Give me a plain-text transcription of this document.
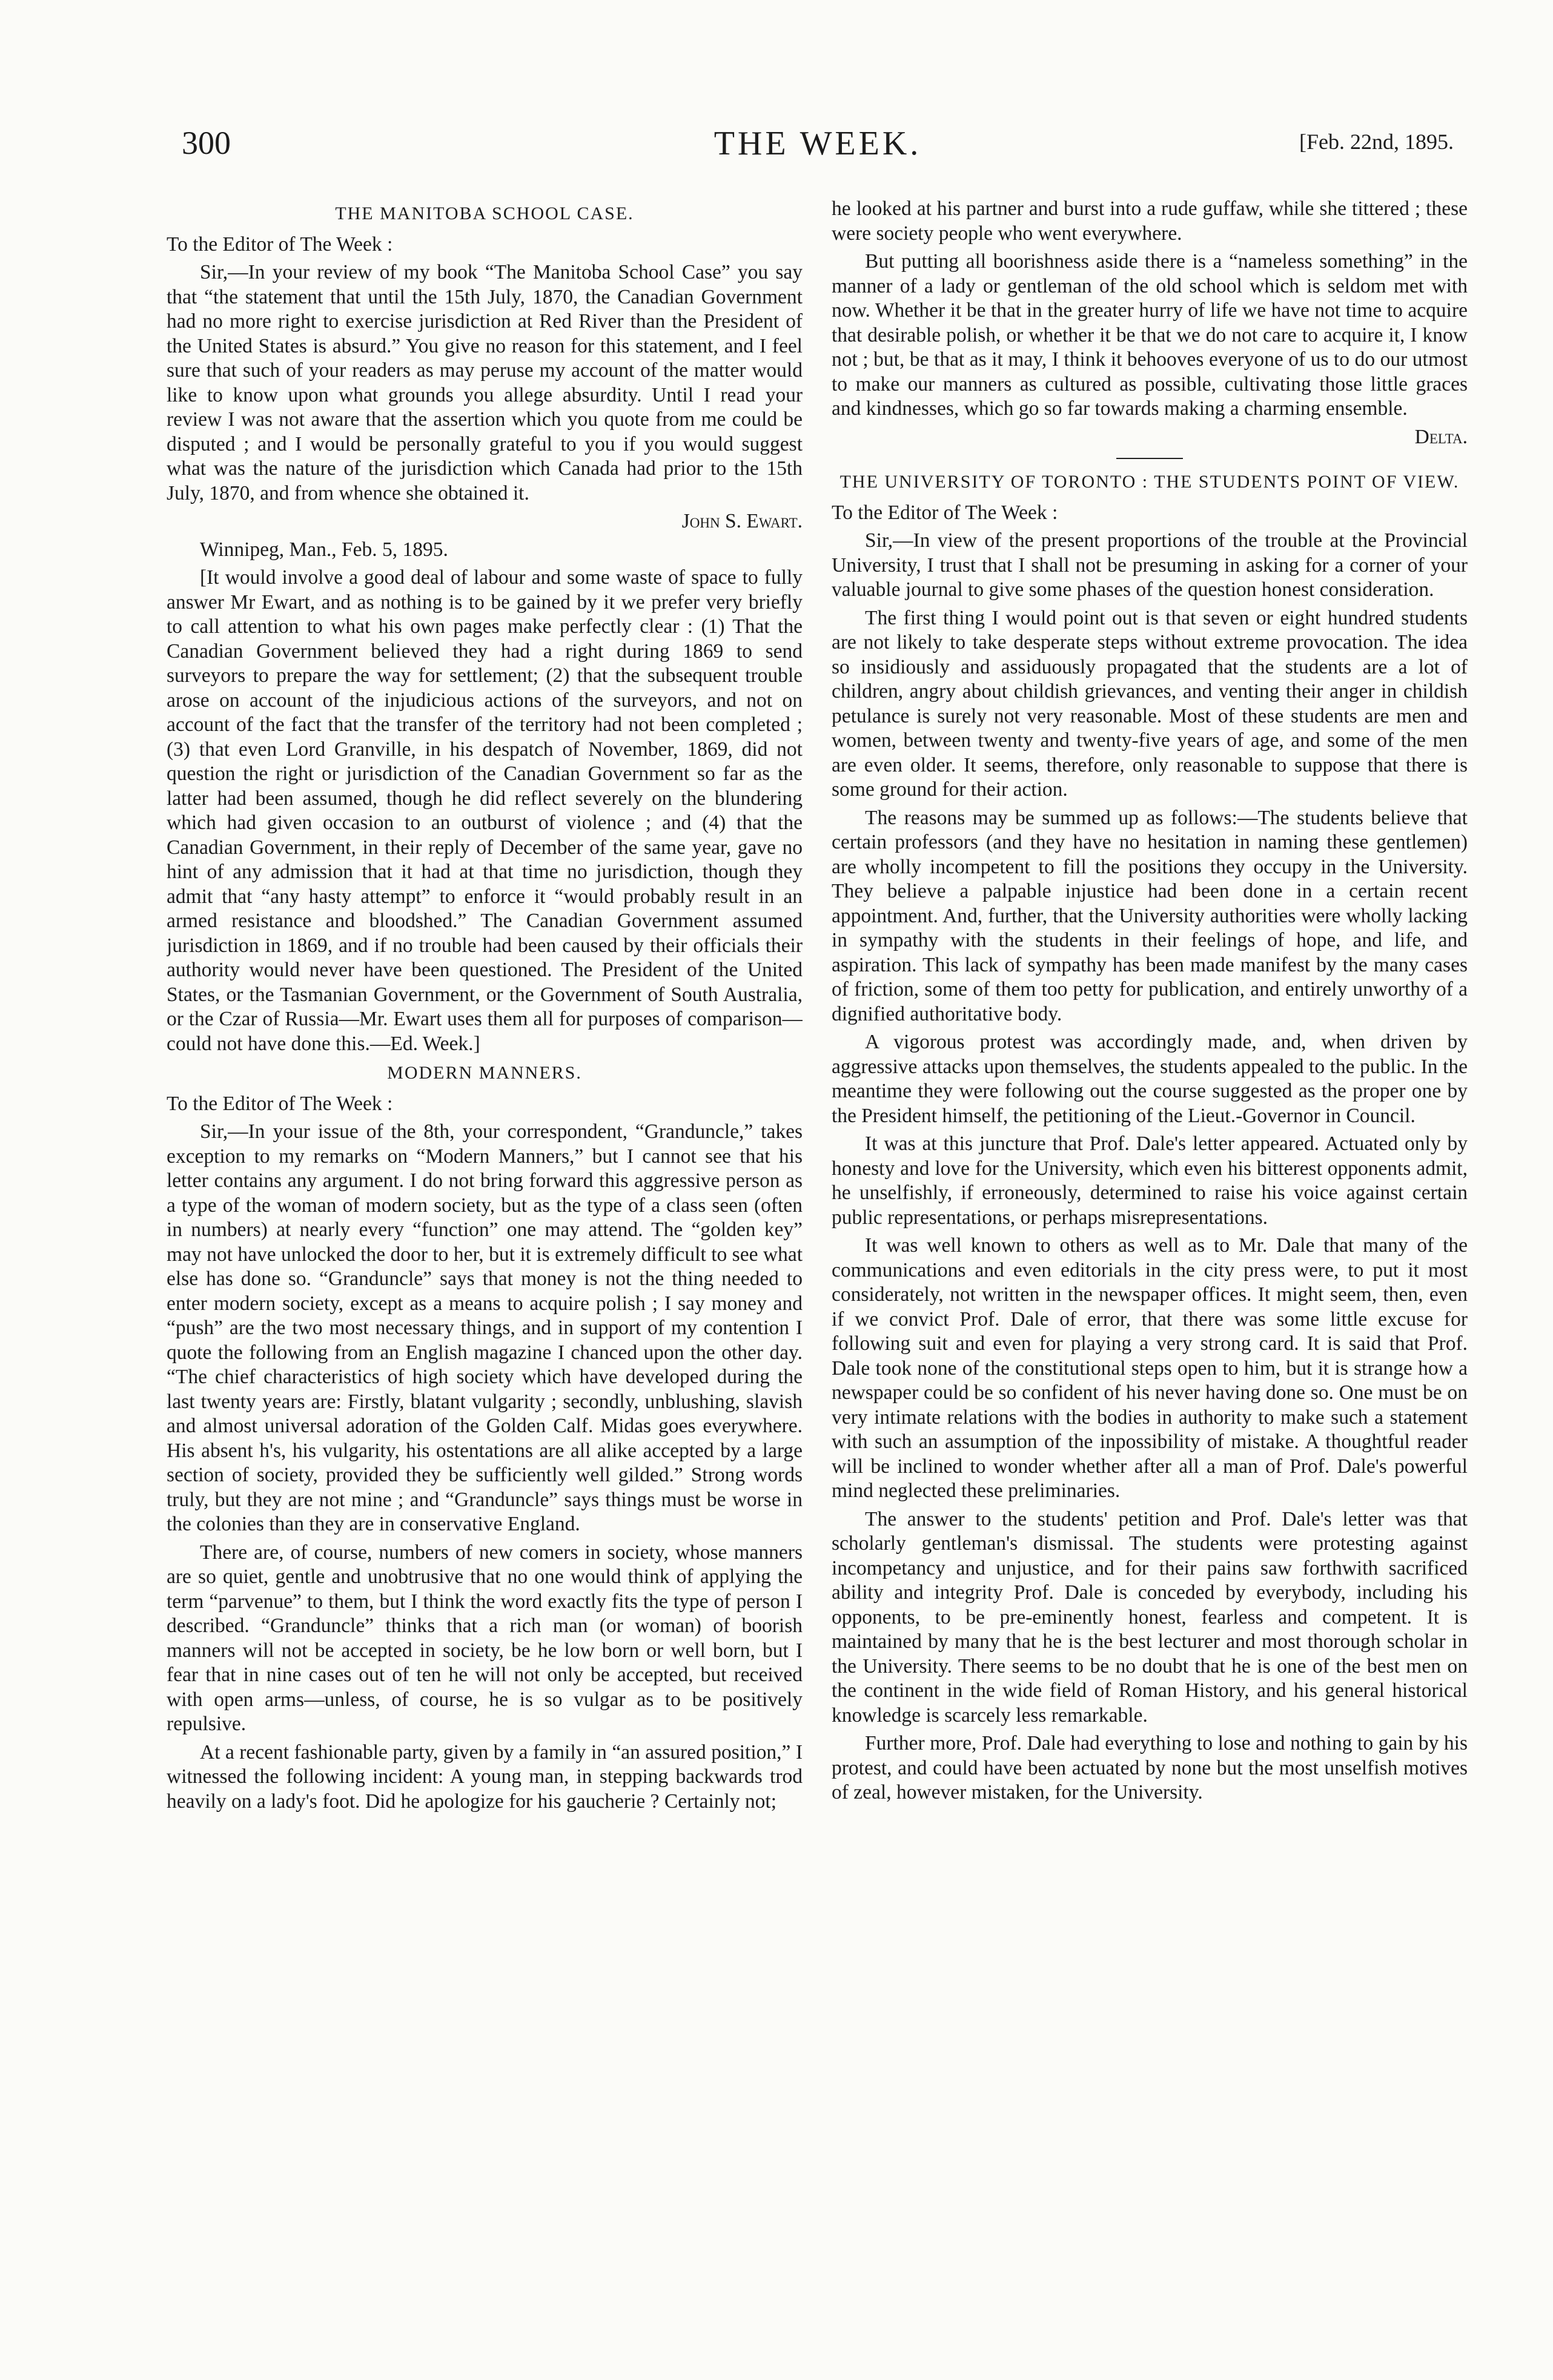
300	THE WEEK.	[Feb. 22nd, 1895.
THE MANITOBA SCHOOL CASE.

To the Editor of The Week :

Sir,—In your review of my book “The Manitoba School Case” you say that “the statement that until the 15th July, 1870, the Canadian Government had no more right to exercise jurisdiction at Red River than the President of the United States is absurd.” You give no reason for this statement, and I feel sure that such of your readers as may peruse my account of the matter would like to know upon what grounds you allege absurdity. Until I read your review I was not aware that the assertion which you quote from me could be disputed ; and I would be personally grateful to you if you would suggest what was the nature of the jurisdiction which Canada had prior to the 15th July, 1870, and from whence she obtained it.

John S. Ewart.

Winnipeg, Man., Feb. 5, 1895.

[It would involve a good deal of labour and some waste of space to fully answer Mr Ewart, and as nothing is to be gained by it we prefer very briefly to call attention to what his own pages make perfectly clear : (1) That the Canadian Government believed they had a right during 1869 to send surveyors to prepare the way for settlement; (2) that the subsequent trouble arose on account of the injudicious actions of the surveyors, and not on account of the fact that the transfer of the territory had not been completed ; (3) that even Lord Granville, in his despatch of November, 1869, did not question the right or jurisdiction of the Canadian Government so far as the latter had been assumed, though he did reflect severely on the blundering which had given occasion to an outburst of violence ; and (4) that the Canadian Government, in their reply of December of the same year, gave no hint of any admission that it had at that time no jurisdiction, though they admit that “any hasty attempt” to enforce it “would probably result in an armed resistance and bloodshed.” The Canadian Government assumed jurisdiction in 1869, and if no trouble had been caused by their officials their authority would never have been questioned. The President of the United States, or the Tasmanian Government, or the Government of South Australia, or the Czar of Russia—Mr. Ewart uses them all for purposes of comparison—could not have done this.—Ed. Week.]

MODERN MANNERS.

To the Editor of The Week :

Sir,—In your issue of the 8th, your correspondent, “Granduncle,” takes exception to my remarks on “Modern Manners,” but I cannot see that his letter contains any argument. I do not bring forward this aggressive person as a type of the woman of modern society, but as the type of a class seen (often in numbers) at nearly every “function” one may attend. The “golden key” may not have unlocked the door to her, but it is extremely difficult to see what else has done so. “Granduncle” says that money is not the thing needed to enter modern society, except as a means to acquire polish ; I say money and “push” are the two most necessary things, and in support of my contention I quote the following from an English magazine I chanced upon the other day. “The chief characteristics of high society which have developed during the last twenty years are: Firstly, blatant vulgarity ; secondly, unblushing, slavish and almost universal adoration of the Golden Calf. Midas goes everywhere. His absent h's, his vulgarity, his ostentations are all alike accepted by a large section of society, provided they be sufficiently well gilded.” Strong words truly, but they are not mine ; and “Granduncle” says things must be worse in the colonies than they are in conservative England.

There are, of course, numbers of new comers in society, whose manners are so quiet, gentle and unobtrusive that no one would think of applying the term “parvenue” to them, but I think the word exactly fits the type of person I described. “Granduncle” thinks that a rich man (or woman) of boorish manners will not be accepted in society, be he low born or well born, but I fear that in nine cases out of ten he will not only be accepted, but received with open arms—unless, of course, he is so vulgar as to be positively repulsive.

At a recent fashionable party, given by a family in “an assured position,” I witnessed the following incident: A young man, in stepping backwards trod heavily on a lady's foot. Did he apologize for his gaucherie ? Certainly not;

he looked at his partner and burst into a rude guffaw, while she tittered ; these were society people who went everywhere.

But putting all boorishness aside there is a “nameless something” in the manner of a lady or gentleman of the old school which is seldom met with now. Whether it be that in the greater hurry of life we have not time to acquire that desirable polish, or whether it be that we do not care to acquire it, I know not ; but, be that as it may, I think it behooves everyone of us to do our utmost to make our manners as cultured as possible, cultivating those little graces and kindnesses, which go so far towards making a charming ensemble.

Delta.

THE UNIVERSITY OF TORONTO : THE STUDENTS POINT OF VIEW.

To the Editor of The Week :

Sir,—In view of the present proportions of the trouble at the Provincial University, I trust that I shall not be presuming in asking for a corner of your valuable journal to give some phases of the question honest consideration.

The first thing I would point out is that seven or eight hundred students are not likely to take desperate steps without extreme provocation. The idea so insidiously and assiduously propagated that the students are a lot of children, angry about childish grievances, and venting their anger in childish petulance is surely not very reasonable. Most of these students are men and women, between twenty and twenty-five years of age, and some of the men are even older. It seems, therefore, only reasonable to suppose that there is some ground for their action.

The reasons may be summed up as follows:—The students believe that certain professors (and they have no hesitation in naming these gentlemen) are wholly incompetent to fill the positions they occupy in the University. They believe a palpable injustice had been done in a certain recent appointment. And, further, that the University authorities were wholly lacking in sympathy with the students in their feelings of hope, and life, and aspiration. This lack of sympathy has been made manifest by the many cases of friction, some of them too petty for publication, and entirely unworthy of a dignified authoritative body.

A vigorous protest was accordingly made, and, when driven by aggressive attacks upon themselves, the students appealed to the public. In the meantime they were following out the course suggested as the proper one by the President himself, the petitioning of the Lieut.-Governor in Council.

It was at this juncture that Prof. Dale's letter appeared. Actuated only by honesty and love for the University, which even his bitterest opponents admit, he unselfishly, if erroneously, determined to raise his voice against certain public representations, or perhaps misrepresentations.

It was well known to others as well as to Mr. Dale that many of the communications and even editorials in the city press were, to put it most considerately, not written in the newspaper offices. It might seem, then, even if we convict Prof. Dale of error, that there was some little excuse for following suit and even for playing a very strong card. It is said that Prof. Dale took none of the constitutional steps open to him, but it is strange how a newspaper could be so confident of his never having done so. One must be on very intimate relations with the bodies in authority to make such a statement with such an assumption of the inpossibility of mistake. A thoughtful reader will be inclined to wonder whether after all a man of Prof. Dale's powerful mind neglected these preliminaries.

The answer to the students' petition and Prof. Dale's letter was that scholarly gentleman's dismissal. The students were protesting against incompetancy and unjustice, and for their pains saw forthwith sacrificed ability and integrity Prof. Dale is conceded by everybody, including his opponents, to be pre-eminently honest, fearless and competent. It is maintained by many that he is the best lecturer and most thorough scholar in the University. There seems to be no doubt that he is one of the best men on the continent in the wide field of Roman History, and his general historical knowledge is scarcely less remarkable.

Further more, Prof. Dale had everything to lose and nothing to gain by his protest, and could have been actuated by none but the most unselfish motives of zeal, however mistaken, for the University.
